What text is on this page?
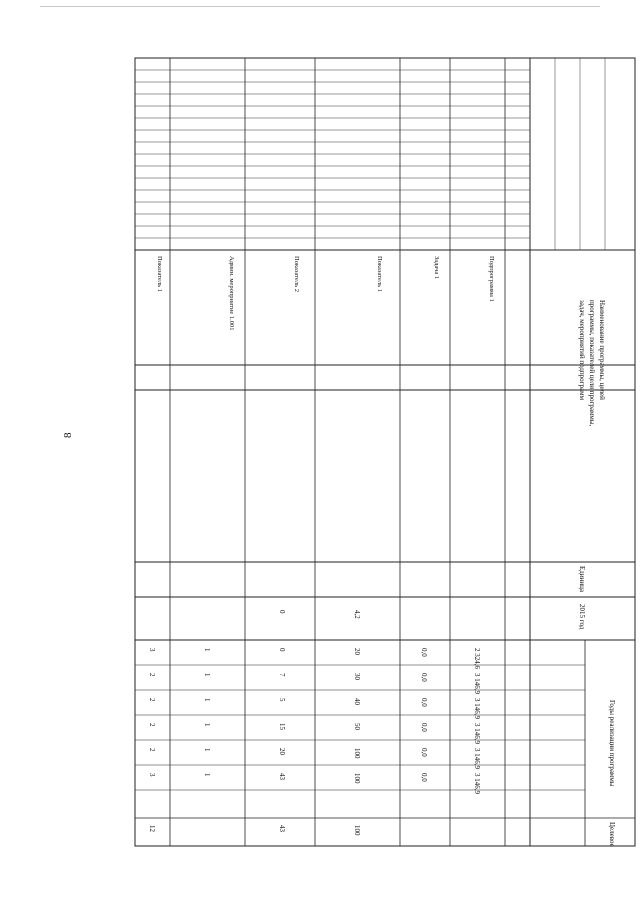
Наименование программы, целей
программы, показателей цели программы,
задач, мероприятий подпрограмм
Единица
2015 год
Годы реализации программы
Целевое
Подпрограмма 1
Задача 1
Показатель 1
Показатель 2
Админ. мероприятие 1.001
Показатель 1
2 324,6
3 146,9
3 146,9
3 146,9
3 146,9
3 146,9
0,0
0,0
0,0
0,0
0,0
0,0
4,2
20
30
40
50
100
100
100
0
0
7
5
15
20
43
43
1
1
1
1
1
1
3
2
2
2
2
3
12
8
